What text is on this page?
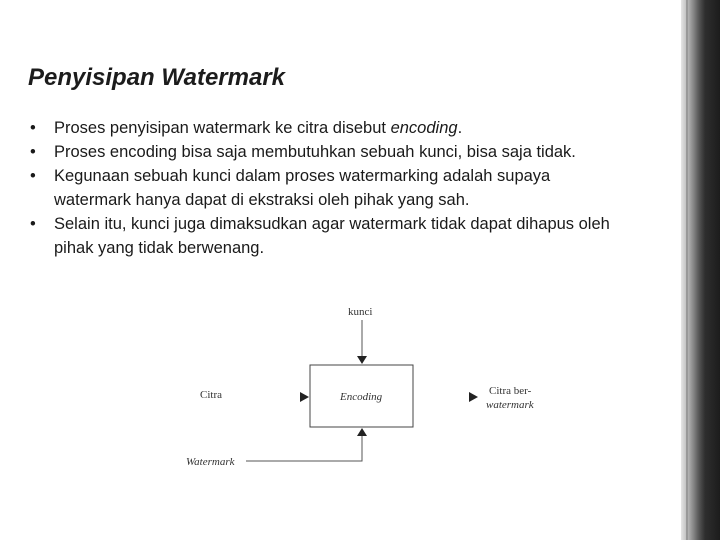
Penyisipan Watermark
• Proses penyisipan watermark ke citra disebut encoding.
• Proses encoding bisa saja membutuhkan sebuah kunci, bisa saja tidak.
• Kegunaan sebuah kunci dalam proses watermarking adalah supaya
watermark hanya dapat di ekstraksi oleh pihak yang sah.
• Selain itu, kunci juga dimaksudkan agar watermark tidak dapat dihapus oleh
pihak yang tidak berwenang.
kunci
Encoding
Citra	Citra ber-
watermark
Watermark
